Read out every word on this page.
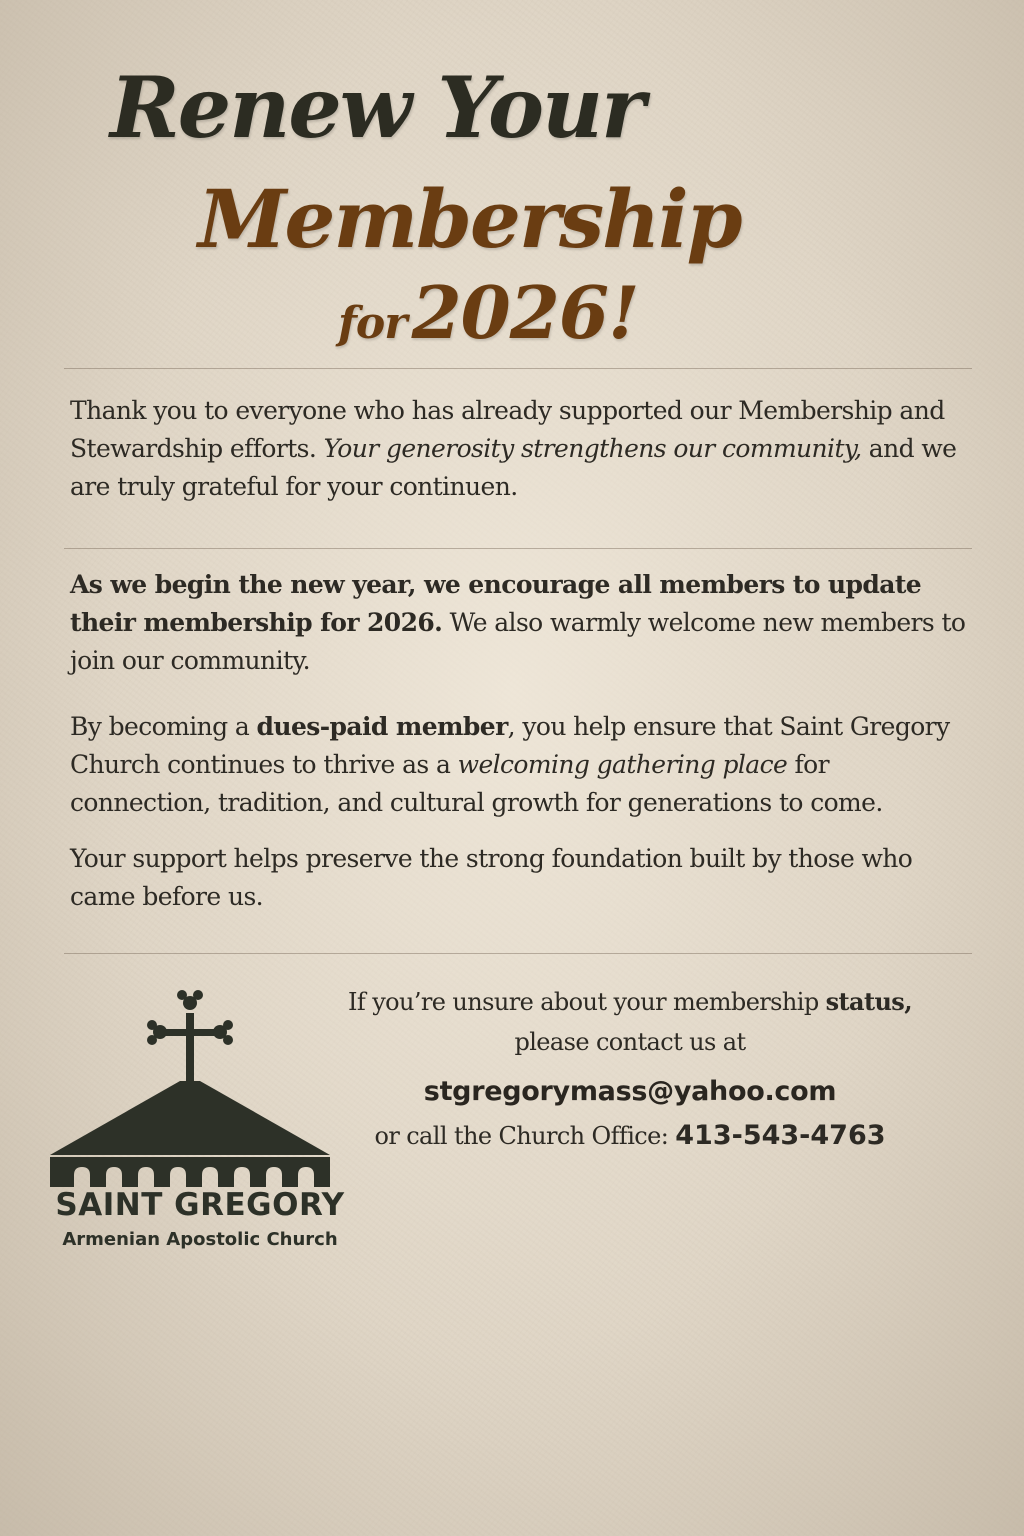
Renew Your
Membership
for 2026!
Thank you to everyone who has already supported our Membership and Stewardship efforts. Your generosity strengthens our community, and we are truly grateful for your continuen.
As we begin the new year, we encourage all members to update their membership for 2026. We also warmly welcome new members to join our community.
By becoming a dues-paid member, you help ensure that Saint Gregory Church continues to thrive as a welcoming gathering place for connection, tradition, and cultural growth for generations to come.
Your support helps preserve the strong foundation built by those who came before us.
SAINT GREGORY
Armenian Apostolic Church
If you’re unsure about your membership status,
please contact us at
stgregorymass@yahoo.com
or call the Church Office: 413-543-4763
